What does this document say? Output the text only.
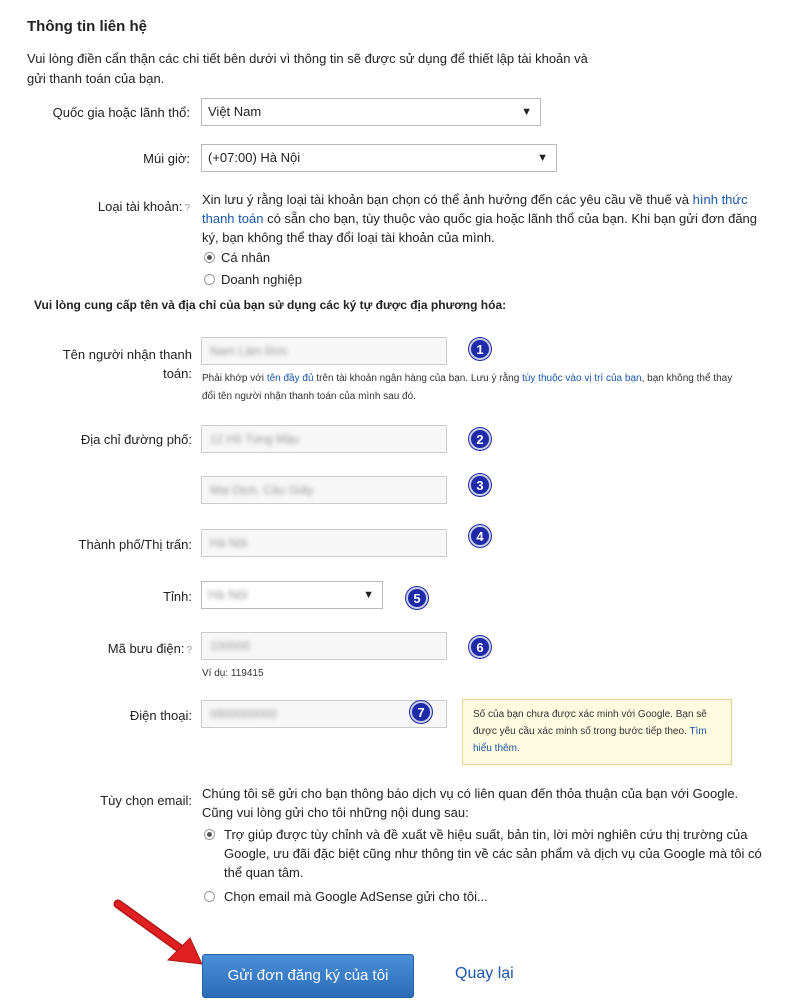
Thông tin liên hệ
Vui lòng điền cẩn thận các chi tiết bên dưới vì thông tin sẽ được sử dụng để thiết lập tài khoản và gửi thanh toán của bạn.
Quốc gia hoặc lãnh thổ:	Việt Nam	▼
Múi giờ:	(+07:00) Hà Nội	▼
Loại tài khoản: ?
Xin lưu ý rằng loại tài khoản bạn chọn có thể ảnh hưởng đến các yêu cầu về thuế và hình thức thanh toán có sẵn cho bạn, tùy thuộc vào quốc gia hoặc lãnh thổ của bạn. Khi bạn gửi đơn đăng ký, bạn không thể thay đổi loại tài khoản của mình.
Cá nhân
Doanh nghiệp
Vui lòng cung cấp tên và địa chỉ của bạn sử dụng các ký tự được địa phương hóa:
Tên người nhận thanh
toán:
Nam Lâm Đức	1
Phải khớp với tên đầy đủ trên tài khoản ngân hàng của bạn. Lưu ý rằng tùy thuộc vào vị trí của bạn, bạn không thể thay đổi tên người nhận thanh toán của mình sau đó.
Địa chỉ đường phố:	12 Hồ Tùng Mậu	2
Mai Dịch, Cầu Giấy	3
Thành phố/Thị trấn:	Hà Nội	4
Tỉnh:	Hà Nội	▼	5
Mã bưu điện: ?	100000	6
Ví dụ: 119415
Điện thoại:	0900000000	7	Số của bạn chưa được xác minh với Google. Bạn sẽ được yêu cầu xác minh số trong bước tiếp theo. Tìm hiểu thêm.
Tùy chọn email: Chúng tôi sẽ gửi cho bạn thông báo dịch vụ có liên quan đến thỏa thuận của bạn với Google. Cũng vui lòng gửi cho tôi những nội dung sau:
Trợ giúp được tùy chỉnh và đề xuất về hiệu suất, bản tin, lời mời nghiên cứu thị trường của Google, ưu đãi đặc biệt cũng như thông tin về các sản phẩm và dịch vụ của Google mà tôi có thể quan tâm.
Chọn email mà Google AdSense gửi cho tôi...
Gửi đơn đăng ký của tôi	Quay lại
